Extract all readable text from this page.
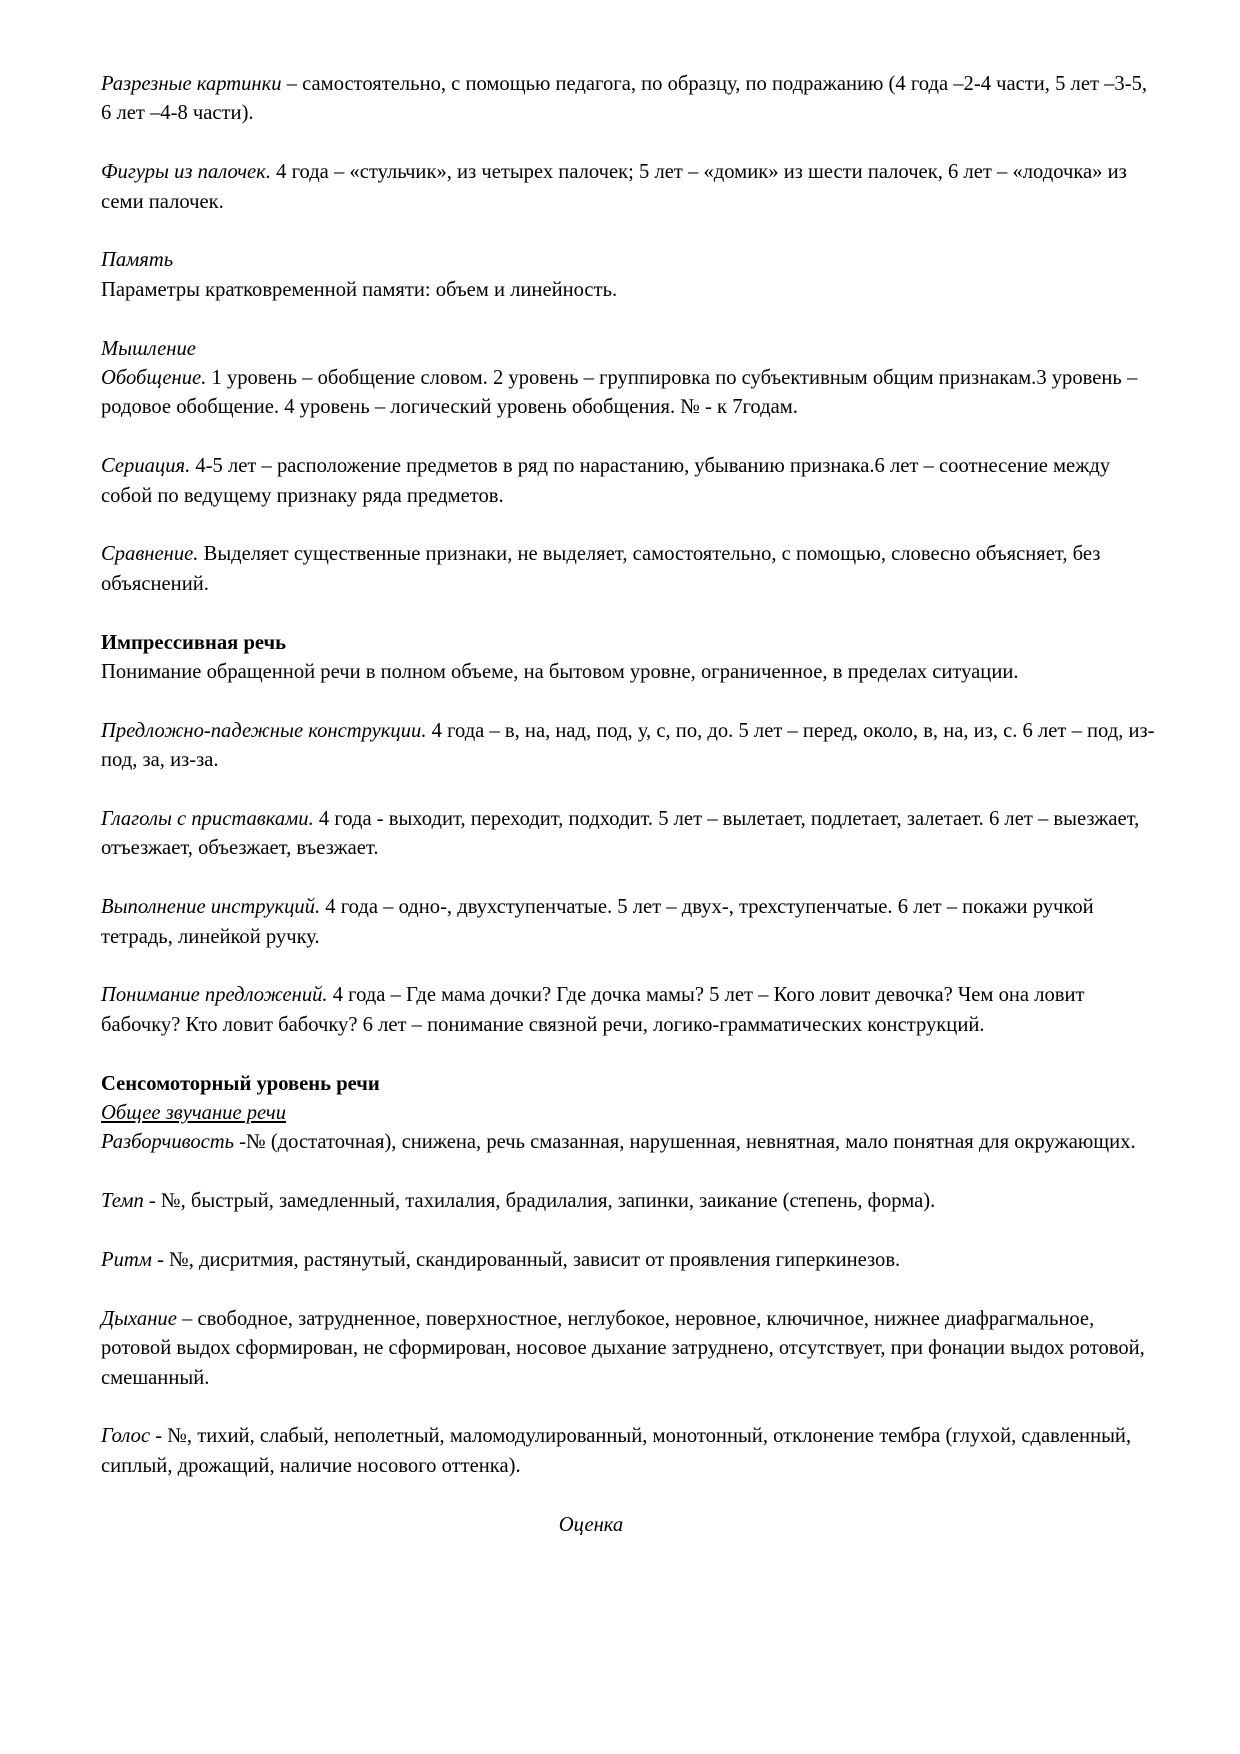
Разрезные картинки – самостоятельно, с помощью педагога, по образцу, по подражанию (4 года –2-4 части, 5 лет –3-5, 6 лет –4-8 части).

Фигуры из палочек. 4 года – «стульчик», из четырех палочек; 5 лет – «домик» из шести палочек, 6 лет – «лодочка» из семи палочек.

Память

Параметры кратковременной памяти: объем и линейность.

Мышление

Обобщение. 1 уровень – обобщение словом. 2 уровень – группировка по субъективным общим признакам.3 уровень – родовое обобщение. 4 уровень – логический уровень обобщения. № - к 7годам.

Сериация. 4-5 лет – расположение предметов в ряд по нарастанию, убыванию признака.6 лет – соотнесение между собой по ведущему признаку ряда предметов.

Сравнение. Выделяет существенные признаки, не выделяет, самостоятельно, с помощью, словесно объясняет, без объяснений.

Импрессивная речь

Понимание обращенной речи в полном объеме, на бытовом уровне, ограниченное, в пределах ситуации.

Предложно-падежные конструкции. 4 года – в, на, над, под, у, с, по, до. 5 лет – перед, около, в, на, из, с. 6 лет – под, из-под, за, из-за.

Глаголы с приставками. 4 года - выходит, переходит, подходит. 5 лет – вылетает, подлетает, залетает. 6 лет – выезжает, отъезжает, объезжает, въезжает.

Выполнение инструкций. 4 года – одно-, двухступенчатые. 5 лет – двух-, трехступенчатые. 6 лет – покажи ручкой тетрадь, линейкой ручку.

Понимание предложений. 4 года – Где мама дочки? Где дочка мамы? 5 лет – Кого ловит девочка? Чем она ловит бабочку? Кто ловит бабочку? 6 лет – понимание связной речи, логико-грамматических конструкций.

Сенсомоторный уровень речи

Общее звучание речи

Разборчивость -№ (достаточная), снижена, речь смазанная, нарушенная, невнятная, мало понятная для окружающих.

Темп - №, быстрый, замедленный, тахилалия, брадилалия, запинки, заикание (степень, форма).

Ритм - №, дисритмия, растянутый, скандированный, зависит от проявления гиперкинезов.

Дыхание – свободное, затрудненное, поверхностное, неглубокое, неровное, ключичное, нижнее диафрагмальное, ротовой выдох сформирован, не сформирован, носовое дыхание затруднено, отсутствует, при фонации выдох ротовой, смешанный.

Голос - №, тихий, слабый, неполетный, маломодулированный, монотонный, отклонение тембра (глухой, сдавленный, сиплый, дрожащий, наличие носового оттенка).

Оценка
